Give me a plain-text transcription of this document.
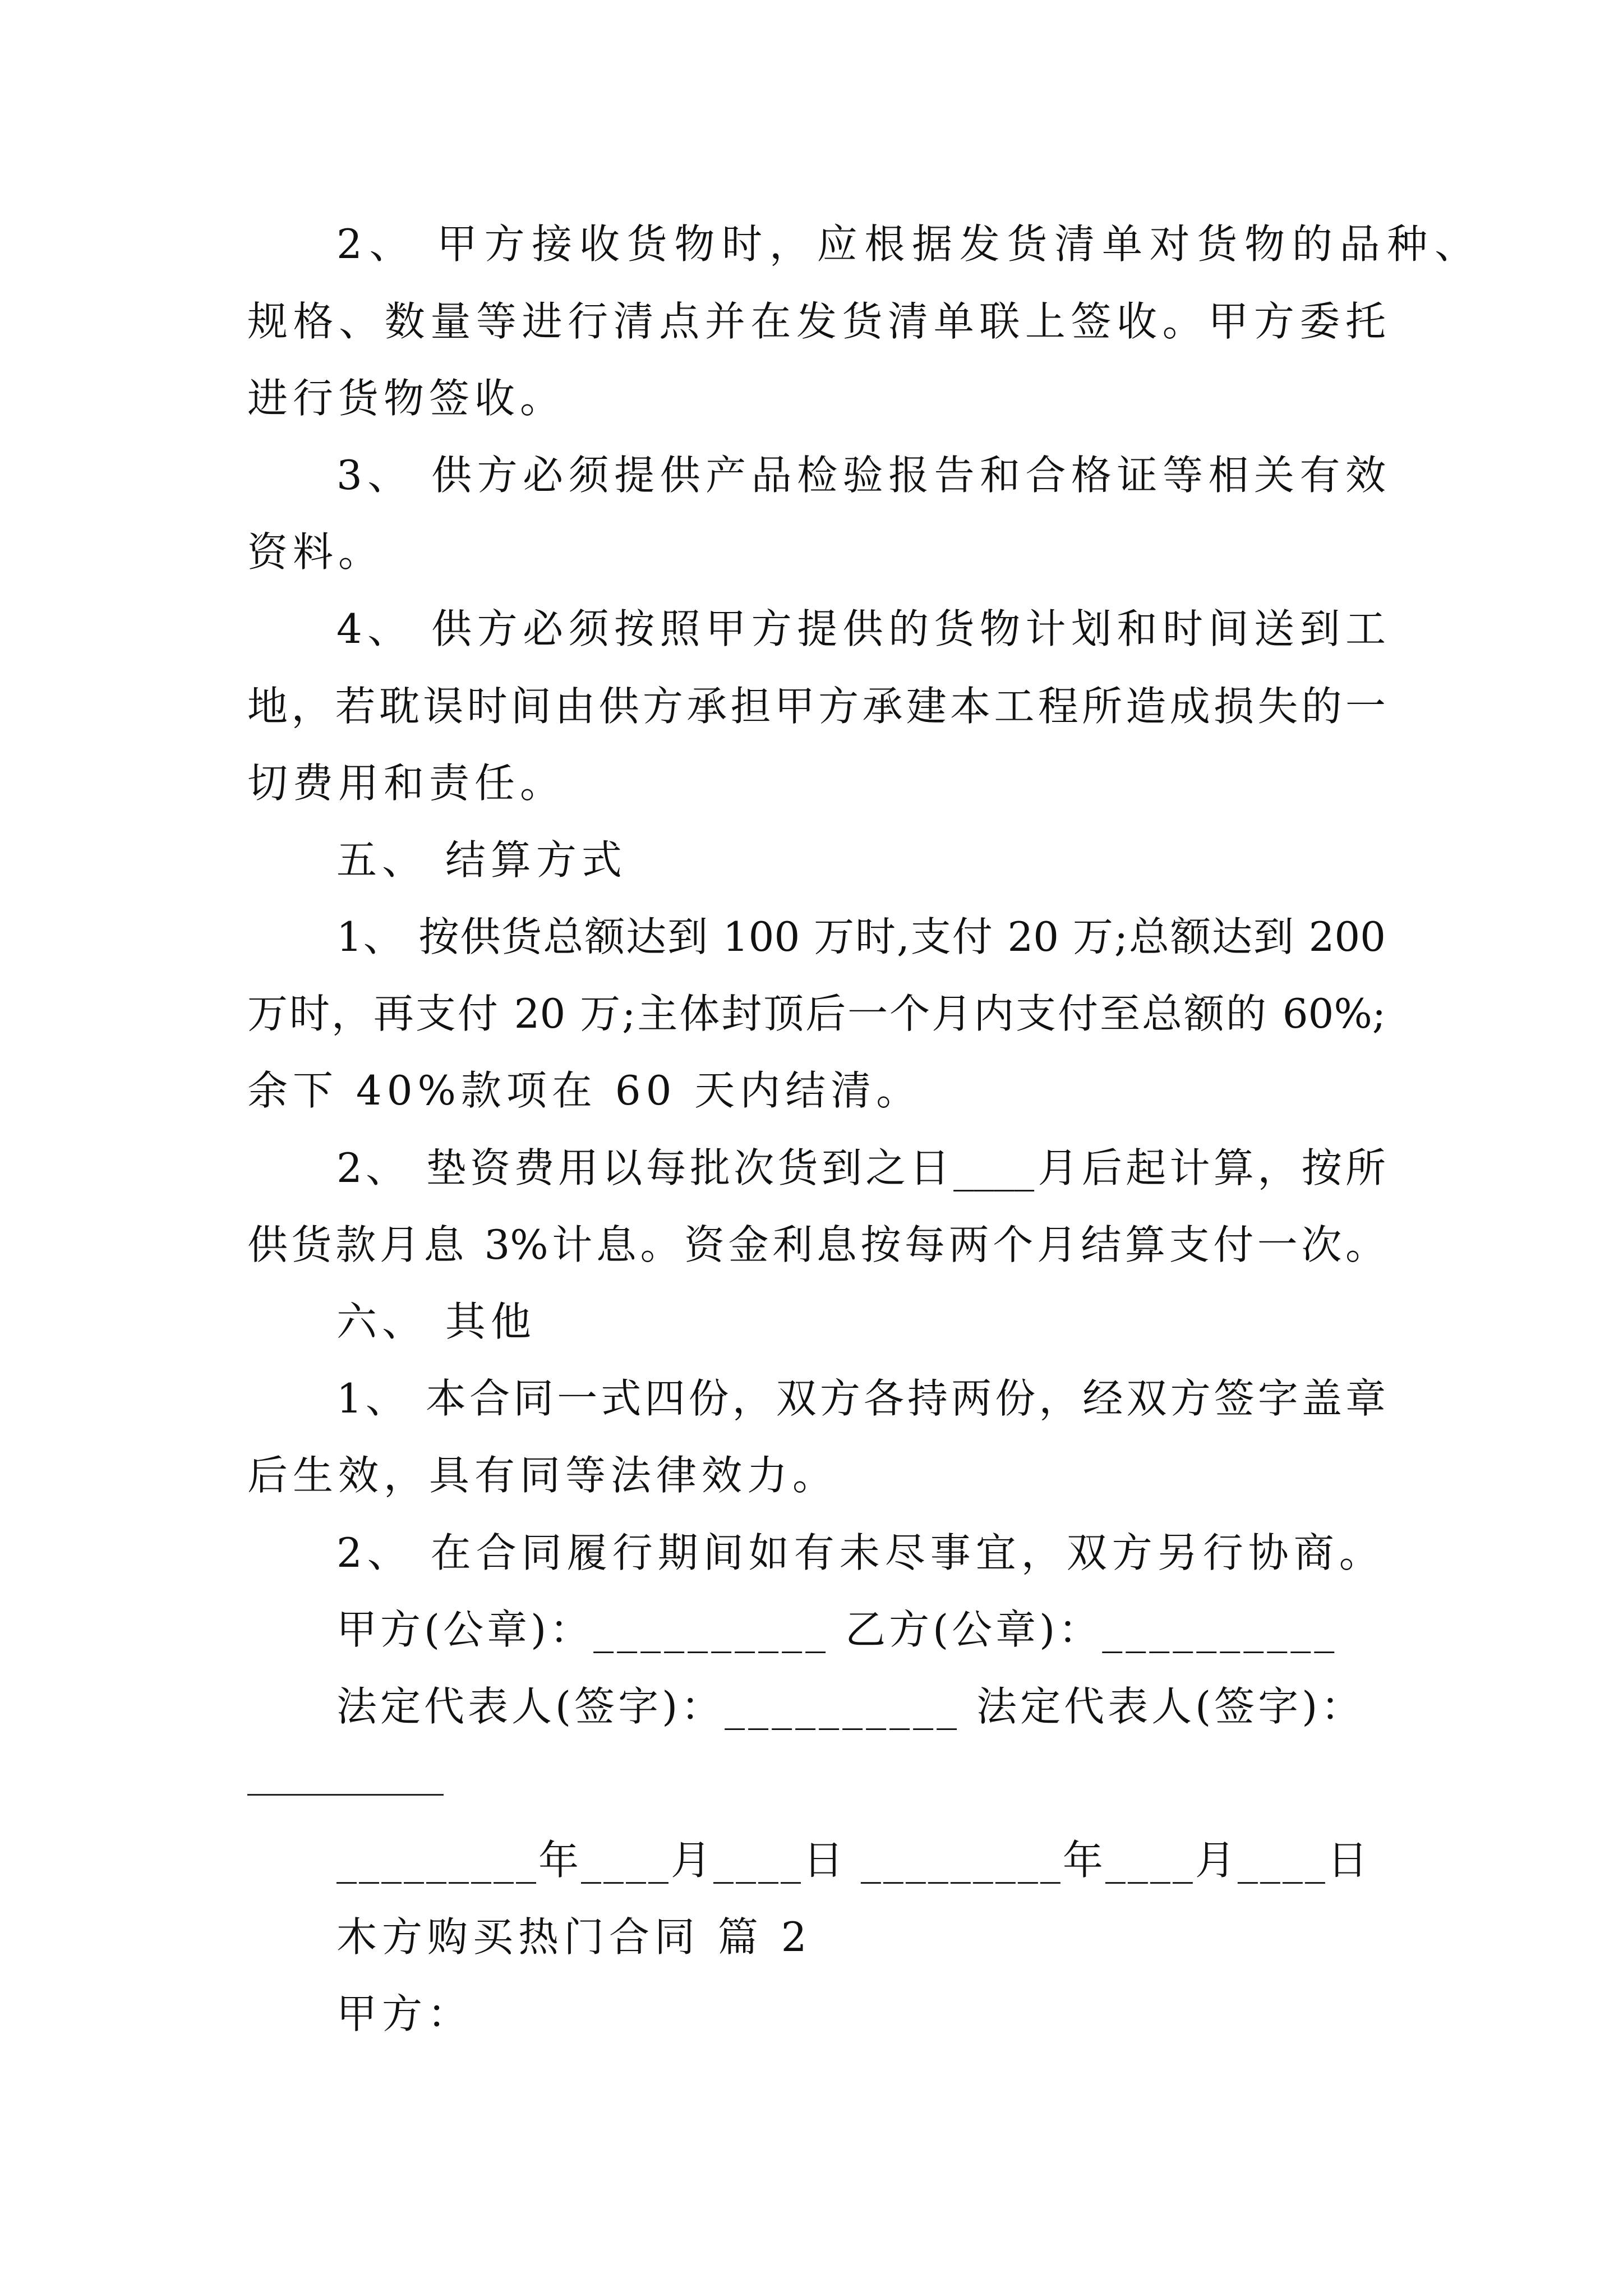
2、 甲方接收货物时，应根据发货清单对货物的品种、
规格、数量等进行清点并在发货清单联上签收。甲方委托
进行货物签收。
3、 供方必须提供产品检验报告和合格证等相关有效
资料。
4、 供方必须按照甲方提供的货物计划和时间送到工
地，若耽误时间由供方承担甲方承建本工程所造成损失的一
切费用和责任。
五、 结算方式
1、 按供货总额达到 100 万时,支付 20 万;总额达到 200
万时，再支付 20 万;主体封顶后一个月内支付至总额的 60%;
余下 40%款项在 60 天内结清。
2、 垫资费用以每批次货到之日____月后起计算，按所
供货款月息 3%计息。资金利息按每两个月结算支付一次。
六、 其他
1、 本合同一式四份，双方各持两份，经双方签字盖章
后生效，具有同等法律效力。
2、 在合同履行期间如有未尽事宜，双方另行协商。
甲方(公章)：__________ 乙方(公章)：__________
法定代表人(签字)：__________ 法定代表人(签字)：
_________年____月____日 _________年____月____日
木方购买热门合同 篇 2
甲方：
